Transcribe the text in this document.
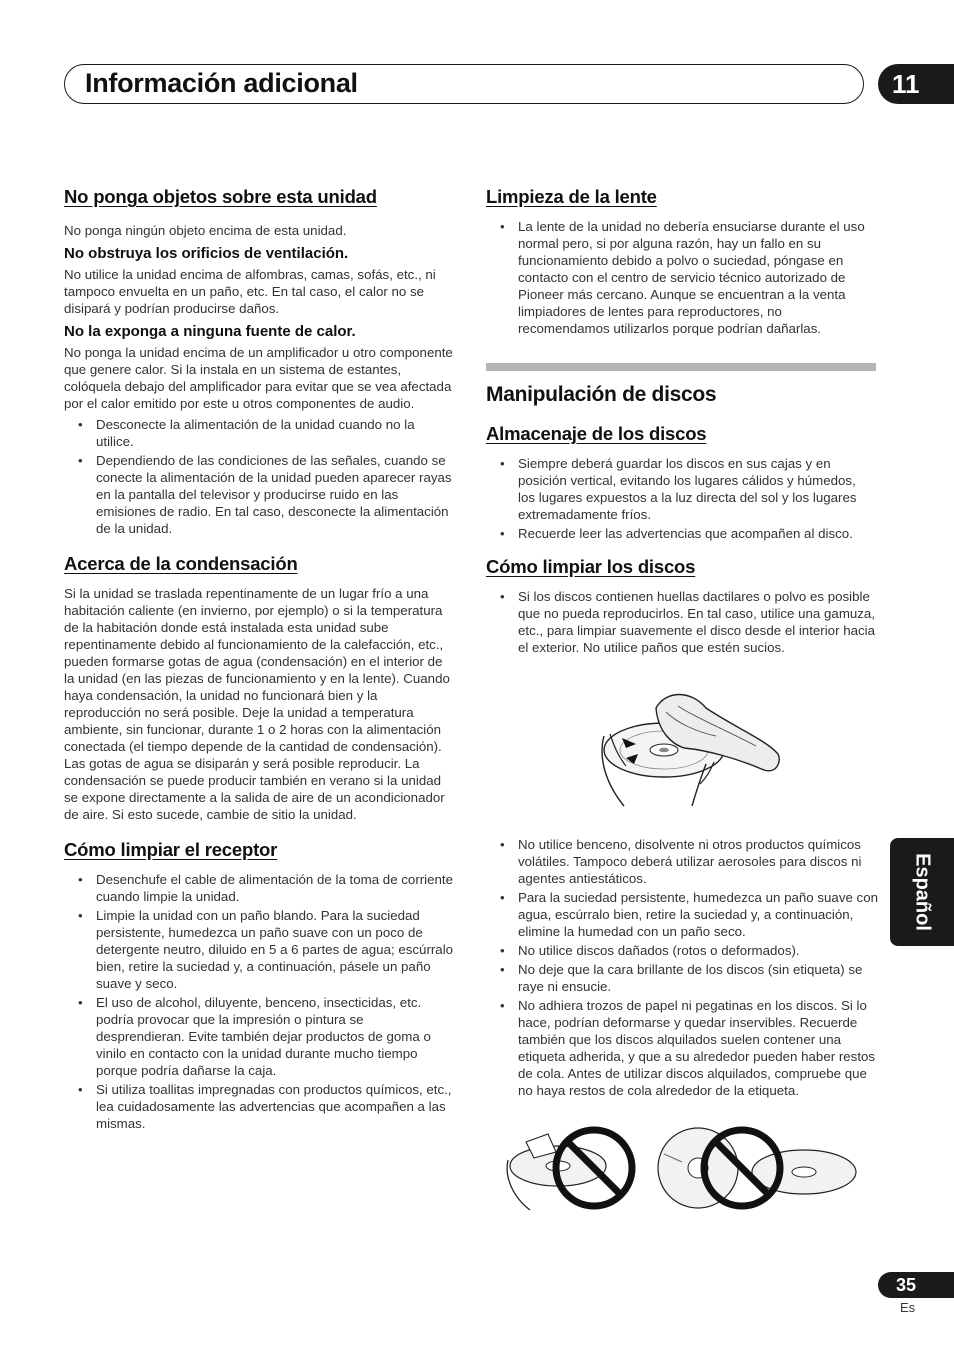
Información adicional	11
No ponga objetos sobre esta unidad
No ponga ningún objeto encima de esta unidad.
No obstruya los orificios de ventilación.
No utilice la unidad encima de alfombras, camas, sofás, etc., ni tampoco envuelta en un paño, etc. En tal caso, el calor no se disipará y podrían producirse daños.
No la exponga a ninguna fuente de calor.
No ponga la unidad encima de un amplificador u otro componente que genere calor. Si la instala en un sistema de estantes, colóquela debajo del amplificador para evitar que se vea afectada por el calor emitido por este u otros componentes de audio.
• Desconecte la alimentación de la unidad cuando no la utilice.
• Dependiendo de las condiciones de las señales, cuando se conecte la alimentación de la unidad pueden aparecer rayas en la pantalla del televisor y producirse ruido en las emisiones de radio. En tal caso, desconecte la alimentación de la unidad.
Acerca de la condensación
Si la unidad se traslada repentinamente de un lugar frío a una habitación caliente (en invierno, por ejemplo) o si la temperatura de la habitación donde está instalada esta unidad sube repentinamente debido al funcionamiento de la calefacción, etc., pueden formarse gotas de agua (condensación) en el interior de la unidad (en las piezas de funcionamiento y en la lente). Cuando haya condensación, la unidad no funcionará bien y la reproducción no será posible. Deje la unidad a temperatura ambiente, sin funcionar, durante 1 o 2 horas con la alimentación conectada (el tiempo depende de la cantidad de condensación). Las gotas de agua se disiparán y será posible reproducir. La condensación se puede producir también en verano si la unidad se expone directamente a la salida de aire de un acondicionador de aire. Si esto sucede, cambie de sitio la unidad.
Cómo limpiar el receptor
• Desenchufe el cable de alimentación de la toma de corriente cuando limpie la unidad.
• Limpie la unidad con un paño blando. Para la suciedad persistente, humedezca un paño suave con un poco de detergente neutro, diluido en 5 a 6 partes de agua; escúrralo bien, retire la suciedad y, a continuación, pásele un paño suave y seco.
• El uso de alcohol, diluyente, benceno, insecticidas, etc. podría provocar que la impresión o pintura se desprendieran. Evite también dejar productos de goma o vinilo en contacto con la unidad durante mucho tiempo porque podría dañarse la caja.
• Si utiliza toallitas impregnadas con productos químicos, etc., lea cuidadosamente las advertencias que acompañen a las mismas.
Limpieza de la lente
• La lente de la unidad no debería ensuciarse durante el uso normal pero, si por alguna razón, hay un fallo en su funcionamiento debido a polvo o suciedad, póngase en contacto con el centro de servicio técnico autorizado de Pioneer más cercano. Aunque se encuentran a la venta limpiadores de lentes para reproductores, no recomendamos utilizarlos porque podrían dañarlas.
Manipulación de discos
Almacenaje de los discos
• Siempre deberá guardar los discos en sus cajas y en posición vertical, evitando los lugares cálidos y húmedos, los lugares expuestos a la luz directa del sol y los lugares extremadamente fríos.
• Recuerde leer las advertencias que acompañen al disco.
Cómo limpiar los discos
• Si los discos contienen huellas dactilares o polvo es posible que no pueda reproducirlos. En tal caso, utilice una gamuza, etc., para limpiar suavemente el disco desde el interior hacia el exterior. No utilice paños que estén sucios.
• No utilice benceno, disolvente ni otros productos químicos volátiles. Tampoco deberá utilizar aerosoles para discos ni agentes antiestáticos.
• Para la suciedad persistente, humedezca un paño suave con agua, escúrralo bien, retire la suciedad y, a continuación, elimine la humedad con un paño seco.
• No utilice discos dañados (rotos o deformados).
• No deje que la cara brillante de los discos (sin etiqueta) se raye ni ensucie.
• No adhiera trozos de papel ni pegatinas en los discos. Si lo hace, podrían deformarse y quedar inservibles. Recuerde también que los discos alquilados suelen contener una etiqueta adherida, y que a su alrededor pueden haber restos de cola. Antes de utilizar discos alquilados, compruebe que no haya restos de cola alrededor de la etiqueta.
Español
35
Es
